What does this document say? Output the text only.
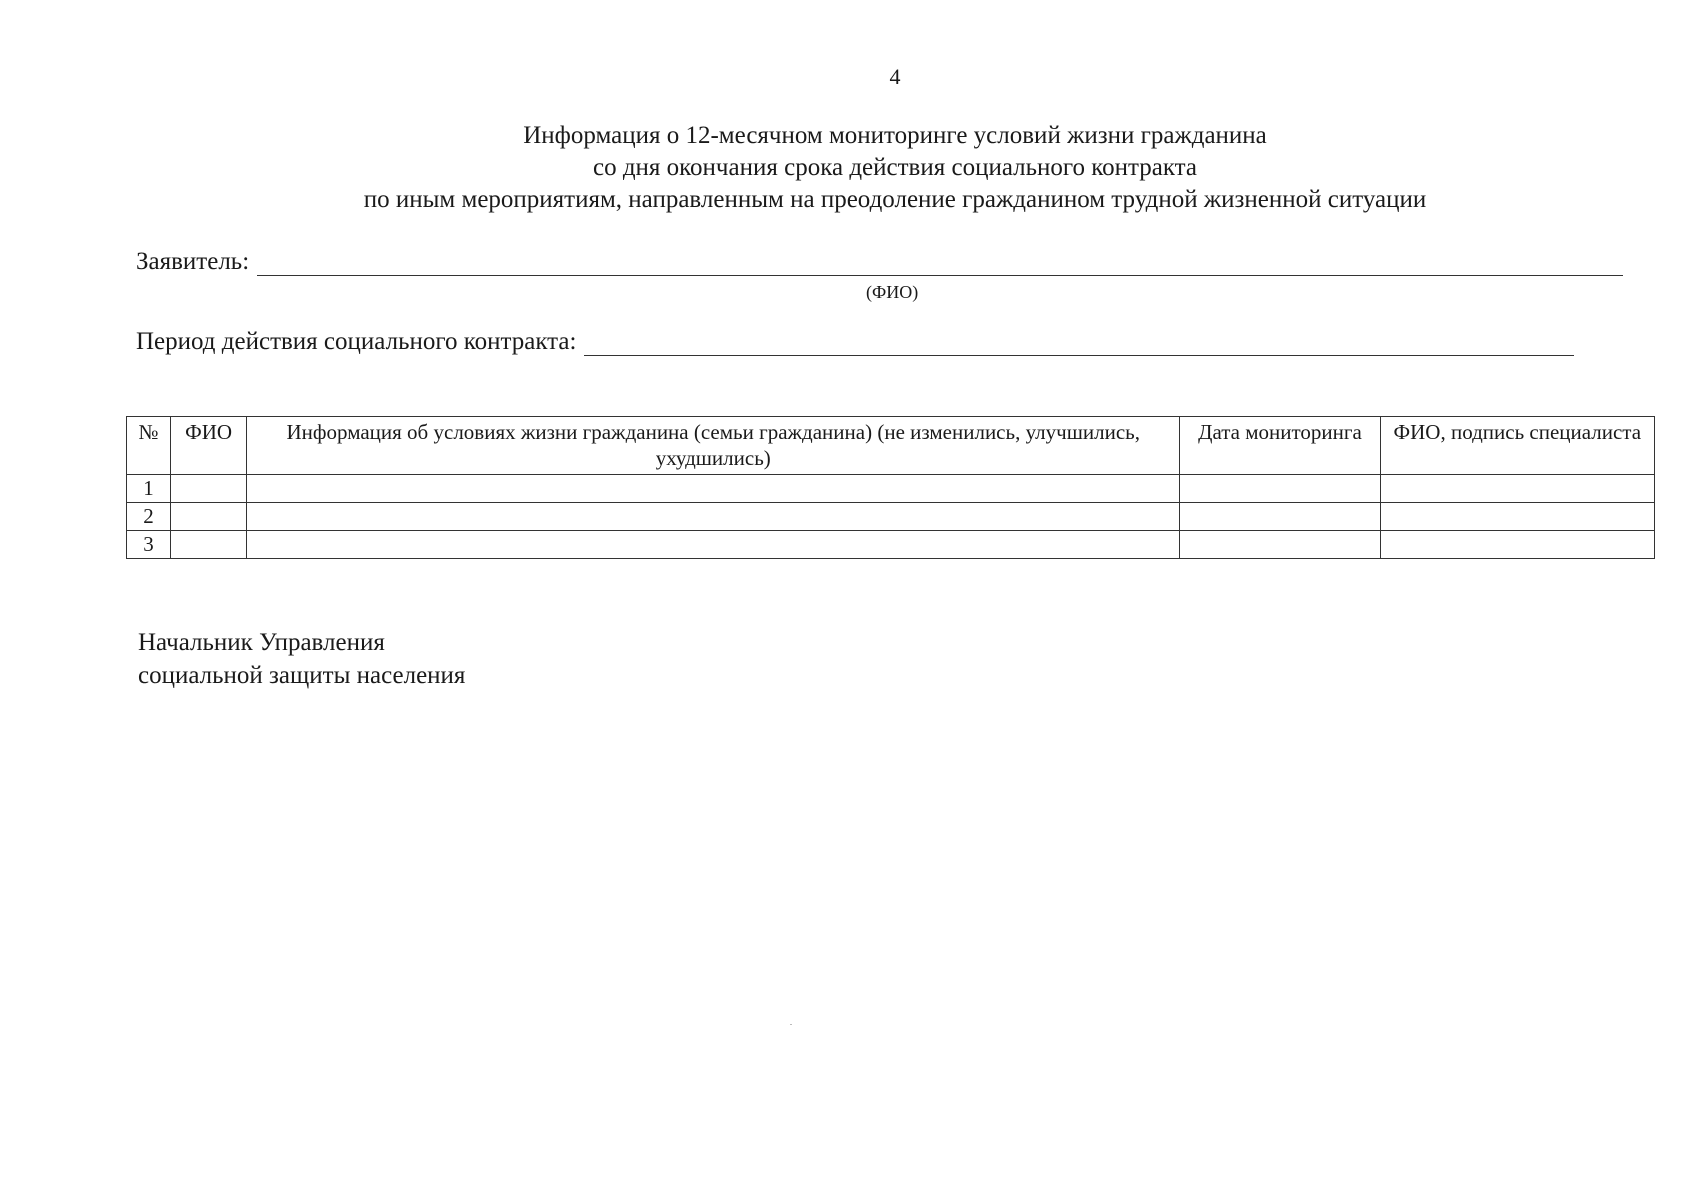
4
Информация о 12-месячном мониторинге условий жизни гражданина
со дня окончания срока действия социального контракта
по иным мероприятиям, направленным на преодоление гражданином трудной жизненной ситуации
Заявитель:
(ФИО)
Период действия социального контракта:
№	ФИО	Информация об условиях жизни гражданина (семьи гражданина) (не изменились, улучшились, ухудшились)	Дата мониторинга	ФИО, подпись специалиста
1				
2				
3				
Начальник Управления
социальной защиты населения
